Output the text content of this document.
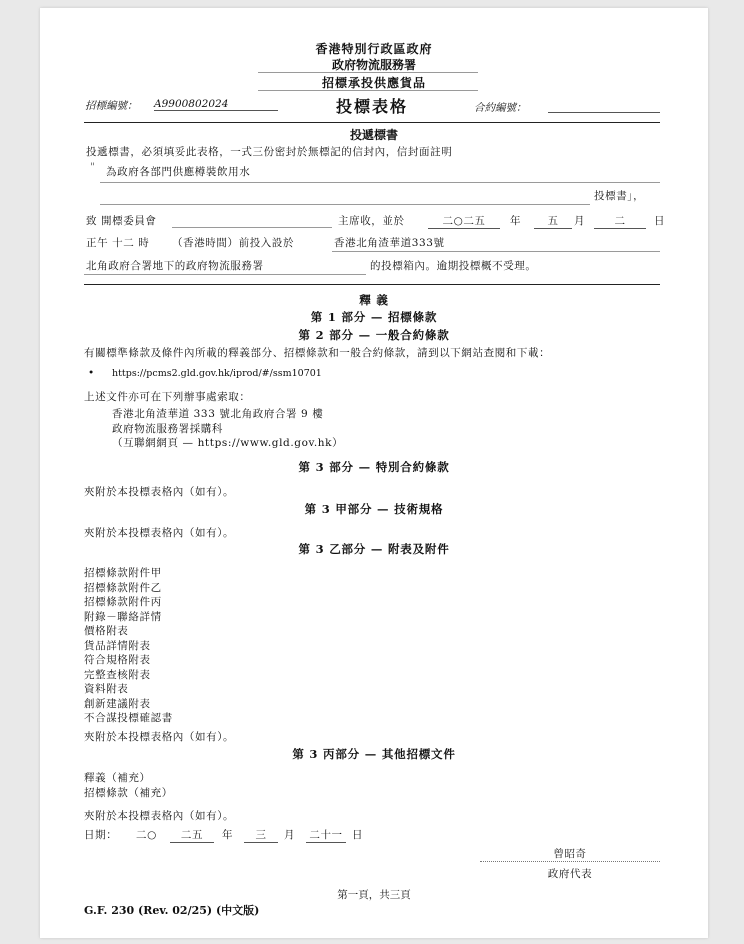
香港特別行政區政府
政府物流服務署
招標承投供應貨品
招標編號： A9900802024	投標表格	合約編號：
投遞標書
投遞標書，必須填妥此表格，一式三份密封於無標記的信封內，信封面註明
" 為政府各部門供應樽裝飲用水
投標書」，
致 開標委員會	主席收，並於	二○二五	年	五	月	二	日
正午 十二 時 （香港時間）前投入設於	香港北角渣華道333號
北角政府合署地下的政府物流服務署	的投標箱內。逾期投標概不受理。
釋 義
第 1 部分 — 招標條款
第 2 部分 — 一般合約條款
有關標準條款及條件內所載的釋義部分、招標條款和一般合約條款，請到以下網站查閱和下載：
• https://pcms2.gld.gov.hk/iprod/#/ssm10701
上述文件亦可在下列辦事處索取：
香港北角渣華道 333 號北角政府合署 9 樓
政府物流服務署採購科
（互聯網網頁 — https://www.gld.gov.hk）
第 3 部分 — 特別合約條款
夾附於本投標表格內（如有）。
第 3 甲部分 — 技術規格
夾附於本投標表格內（如有）。
第 3 乙部分 — 附表及附件
招標條款附件甲
招標條款附件乙
招標條款附件丙
附錄－聯絡詳情
價格附表
貨品詳情附表
符合規格附表
完整查核附表
資料附表
創新建議附表
不合謀投標確認書
夾附於本投標表格內（如有）。
第 3 丙部分 — 其他招標文件
釋義（補充）
招標條款（補充）
夾附於本投標表格內（如有）。
日期： 二○	二五	年	三	月	二十一 日
曾昭奇
政府代表
第一頁，共三頁
G.F. 230 (Rev. 02/25) (中文版)
